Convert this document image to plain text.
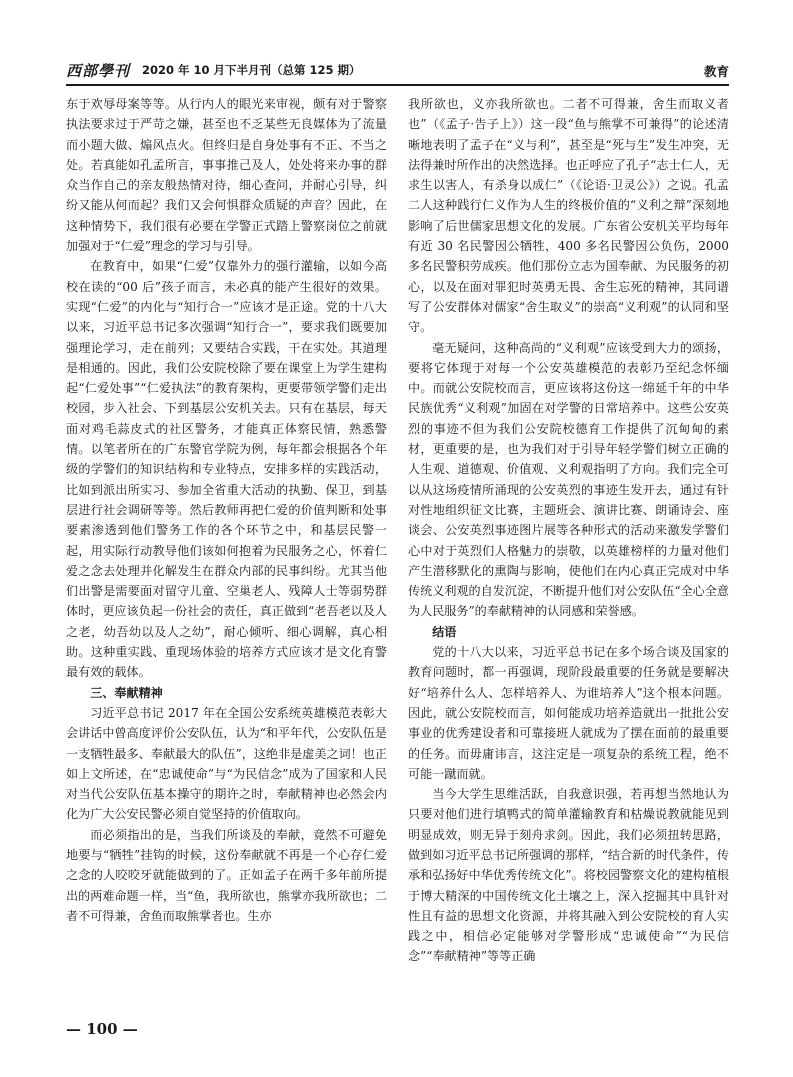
西部學刊 2020 年 10 月下半月刊（总第 125 期）	教育

东于欢辱母案等等。从行内人的眼光来审视，颇有对于警察执法要求过于严苛之嫌，甚至也不乏某些无良媒体为了流量而小题大做、煽风点火。但终归是自身处事有不正、不当之处。若真能如孔孟所言，事事推己及人，处处将来办事的群众当作自己的亲友般热情对待，细心查问，并耐心引导，纠纷又能从何而起？我们又会何惧群众质疑的声音？因此，在这种情势下，我们很有必要在学警正式踏上警察岗位之前就加强对于“仁爱”理念的学习与引导。

在教育中，如果“仁爱”仅靠外力的强行灌输，以如今高校在读的“00 后”孩子而言，未必真的能产生很好的效果。实现“仁爱”的内化与“知行合一”应该才是正途。党的十八大以来，习近平总书记多次强调“知行合一”，要求我们既要加强理论学习，走在前列；又要结合实践，干在实处。其道理是相通的。因此，我们公安院校除了要在课堂上为学生建构起“仁爱处事”“仁爱执法”的教育架构，更要带领学警们走出校园，步入社会、下到基层公安机关去。只有在基层，每天面对鸡毛蒜皮式的社区警务，才能真正体察民情，熟悉警情。以笔者所在的广东警官学院为例，每年都会根据各个年级的学警们的知识结构和专业特点，安排多样的实践活动，比如到派出所实习、参加全省重大活动的执勤、保卫，到基层进行社会调研等等。然后教师再把仁爱的价值判断和处事要素渗透到他们警务工作的各个环节之中，和基层民警一起，用实际行动教导他们该如何抱着为民服务之心，怀着仁爱之念去处理并化解发生在群众内部的民事纠纷。尤其当他们出警是需要面对留守儿童、空巢老人、残障人士等弱势群体时，更应该负起一份社会的责任，真正做到“老吾老以及人之老，幼吾幼以及人之幼”，耐心倾听、细心调解，真心相助。这种重实践、重现场体验的培养方式应该才是文化育警最有效的载体。

三、奉献精神

习近平总书记 2017 年在全国公安系统英雄模范表彰大会讲话中曾高度评价公安队伍，认为“和平年代，公安队伍是一支牺牲最多、奉献最大的队伍”，这绝非是虚美之词！也正如上文所述，在“忠诚使命”与“为民信念”成为了国家和人民对当代公安队伍基本操守的期许之时，奉献精神也必然会内化为广大公安民警必须自觉坚持的价值取向。

而必须指出的是，当我们所谈及的奉献，竟然不可避免地要与“牺牲”挂钩的时候，这份奉献就不再是一个心存仁爱之念的人咬咬牙就能做到的了。正如孟子在两千多年前所提出的两难命题一样，当“鱼，我所欲也，熊掌亦我所欲也；二者不可得兼，舍鱼而取熊掌者也。生亦

我所欲也，义亦我所欲也。二者不可得兼，舍生而取义者也”（《孟子·告子上》）这一段“鱼与熊掌不可兼得”的论述清晰地表明了孟子在“义与利”，甚至是“死与生”发生冲突，无法得兼时所作出的决然选择。也正呼应了孔子“志士仁人，无求生以害人，有杀身以成仁”（《论语·卫灵公》）之说。孔孟二人这种践行仁义作为人生的终极价值的“义利之辩”深刻地影响了后世儒家思想文化的发展。广东省公安机关平均每年有近 30 名民警因公牺牲，400 多名民警因公负伤，2000 多名民警积劳成疾。他们那份立志为国奉献、为民服务的初心，以及在面对罪犯时英勇无畏、舍生忘死的精神，其同谱写了公安群体对儒家“舍生取义”的崇高“义利观”的认同和坚守。

毫无疑问，这种高尚的“义利观”应该受到大力的颂扬，要将它体现于对每一个公安英雄模范的表彰乃至纪念怀缅中。而就公安院校而言，更应该将这份这一绵延千年的中华民族优秀“义利观”加固在对学警的日常培养中。这些公安英烈的事迹不但为我们公安院校德育工作提供了沉甸甸的素材，更重要的是，也为我们对于引导年轻学警们树立正确的人生观、道德观、价值观、义利观指明了方向。我们完全可以从这场疫情所涌现的公安英烈的事迹生发开去，通过有针对性地组织征文比赛，主题班会、演讲比赛、朗诵诗会、座谈会、公安英烈事迹图片展等各种形式的活动来激发学警们心中对于英烈们人格魅力的崇敬，以英雄榜样的力量对他们产生潜移默化的熏陶与影响，使他们在内心真正完成对中华传统义利观的自发沉淀，不断提升他们对公安队伍“全心全意为人民服务”的奉献精神的认同感和荣誉感。

结语

党的十八大以来，习近平总书记在多个场合谈及国家的教育问题时，都一再强调，现阶段最重要的任务就是要解决好“培养什么人、怎样培养人、为谁培养人”这个根本问题。因此，就公安院校而言，如何能成功培养造就出一批批公安事业的优秀建设者和可靠接班人就成为了摆在面前的最重要的任务。而毋庸讳言，这注定是一项复杂的系统工程，绝不可能一蹴而就。

当今大学生思维活跃，自我意识强，若再想当然地认为只要对他们进行填鸭式的简单灌输教育和枯燥说教就能见到明显成效，则无异于刻舟求剑。因此，我们必须扭转思路，做到如习近平总书记所强调的那样，“结合新的时代条件，传承和弘扬好中华优秀传统文化”。将校园警察文化的建构植根于博大精深的中国传统文化土壤之上，深入挖掘其中具针对性且有益的思想文化资源，并将其融入到公安院校的育人实践之中，相信必定能够对学警形成“忠诚使命”“为民信念”“奉献精神”等等正确

— 100 —
